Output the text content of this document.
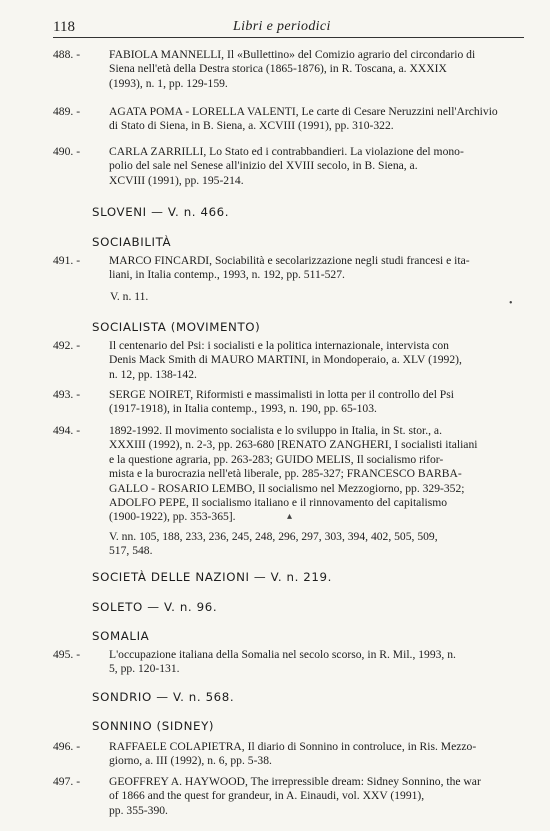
118	Libri e periodici
488. - FABIOLA MANNELLI, Il «Bullettino» del Comizio agrario del circondario di
Siena nell'età della Destra storica (1865-1876), in R. Toscana, a. XXXIX
(1993), n. 1, pp. 129-159.
489. - AGATA POMA - LORELLA VALENTI, Le carte di Cesare Neruzzini nell'Archivio
di Stato di Siena, in B. Siena, a. XCVIII (1991), pp. 310-322.
490. - CARLA ZARRILLI, Lo Stato ed i contrabbandieri. La violazione del mono-
polio del sale nel Senese all'inizio del XVIII secolo, in B. Siena, a.
XCVIII (1991), pp. 195-214.
SLOVENI — V. n. 466.
SOCIABILITÀ
491. - MARCO FINCARDI, Sociabilità e secolarizzazione negli studi francesi e ita-
liani, in Italia contemp., 1993, n. 192, pp. 511-527.
V. n. 11.
•
SOCIALISTA (MOVIMENTO)
492. - Il centenario del Psi: i socialisti e la politica internazionale, intervista con
Denis Mack Smith di MAURO MARTINI, in Mondoperaio, a. XLV (1992),
n. 12, pp. 138-142.
493. - SERGE NOIRET, Riformisti e massimalisti in lotta per il controllo del Psi
(1917-1918), in Italia contemp., 1993, n. 190, pp. 65-103.
494. - 1892-1992. Il movimento socialista e lo sviluppo in Italia, in St. stor., a.
XXXIII (1992), n. 2-3, pp. 263-680 [RENATO ZANGHERI, I socialisti italiani
e la questione agraria, pp. 263-283; GUIDO MELIS, Il socialismo rifor-
mista e la burocrazia nell'età liberale, pp. 285-327; FRANCESCO BARBA-
GALLO - ROSARIO LEMBO, Il socialismo nel Mezzogiorno, pp. 329-352;
ADOLFO PEPE, Il socialismo italiano e il rinnovamento del capitalismo
(1900-1922), pp. 353-365].
V. nn. 105, 188, 233, 236, 245, 248, 296, 297, 303, 394, 402, 505, 509,
517, 548.
▴
SOCIETÀ DELLE NAZIONI — V. n. 219.
SOLETO — V. n. 96.
SOMALIA
495. - L'occupazione italiana della Somalia nel secolo scorso, in R. Mil., 1993, n.
5, pp. 120-131.
SONDRIO — V. n. 568.
SONNINO (SIDNEY)
496. - RAFFAELE COLAPIETRA, Il diario di Sonnino in controluce, in Ris. Mezzo-
giorno, a. III (1992), n. 6, pp. 5-38.
497. - GEOFFREY A. HAYWOOD, The irrepressible dream: Sidney Sonnino, the war
of 1866 and the quest for grandeur, in A. Einaudi, vol. XXV (1991),
pp. 355-390.
